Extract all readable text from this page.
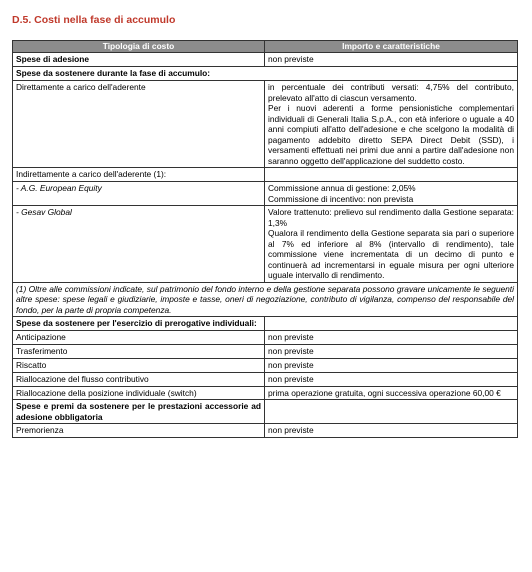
D.5. Costi nella fase di accumulo
Tipologia di costo	Importo e caratteristiche
Spese di adesione	non previste
Spese da sostenere durante la fase di accumulo:	
Direttamente a carico dell'aderente	in percentuale dei contributi versati: 4,75% del contributo, prelevato all'atto di ciascun versamento.
Per i nuovi aderenti a forme pensionistiche complementari individuali di Generali Italia S.p.A., con età inferiore o uguale a 40 anni compiuti all'atto dell'adesione e che scelgono la modalità di pagamento addebito diretto SEPA Direct Debit (SSD), i versamenti effettuati nei primi due anni a partire dall'adesione non saranno oggetto dell'applicazione del suddetto costo.

Indirettamente a carico dell'aderente (1):	
- A.G. European Equity	Commissione annua di gestione: 2,05%
Commissione di incentivo: non prevista

- Gesav Global	Valore trattenuto: prelievo sul rendimento dalla Gestione separata: 1,3%
Qualora il rendimento della Gestione separata sia pari o superiore al 7% ed inferiore al 8% (intervallo di rendimento), tale commissione viene incrementata di un decimo di punto e continuerà ad incrementarsi in eguale misura per ogni ulteriore uguale intervallo di rendimento.

(1) Oltre alle commissioni indicate, sul patrimonio del fondo interno e della gestione separata possono gravare unicamente le seguenti altre spese: spese legali e giudiziarie, imposte e tasse, oneri di negoziazione, contributo di vigilanza, compenso del responsabile del fondo, per la parte di propria competenza.	
Spese da sostenere per l'esercizio di prerogative individuali:	
Anticipazione	non previste
Trasferimento	non previste
Riscatto	non previste
Riallocazione del flusso contributivo	non previste
Riallocazione della posizione individuale (switch)	prima operazione gratuita, ogni successiva operazione 60,00 €
Spese e premi da sostenere per le prestazioni accessorie ad adesione obbligatoria	
Premorienza	non previste
